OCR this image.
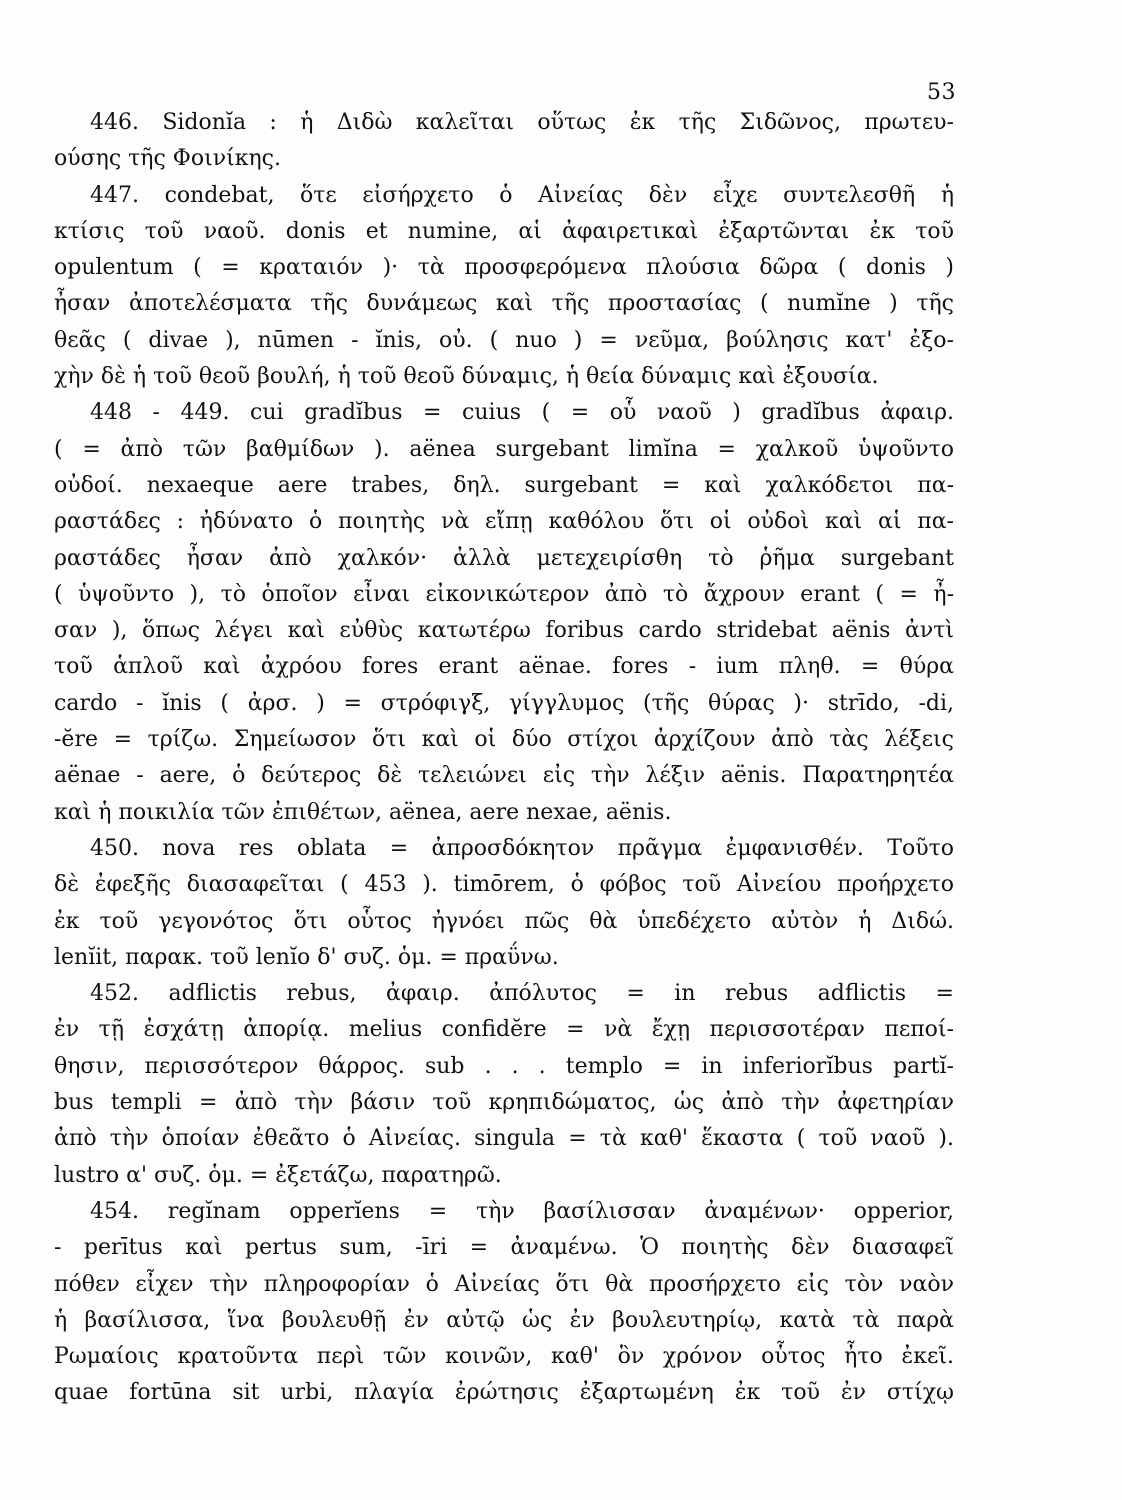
53
446. Sidonĭa : ἡ Διδὼ καλεῖται οὕτως ἐκ τῆς Σιδῶνος, πρωτευ-
ούσης τῆς Φοινίκης.
447. condebat, ὅτε εἰσήρχετο ὁ Αἰνείας δὲν εἶχε συντελεσθῆ ἡ
κτίσις τοῦ ναοῦ. donis et numine, αἱ ἀφαιρετικαὶ ἐξαρτῶνται ἐκ τοῦ
opulentum ( = κραταιόν )· τὰ προσφερόμενα πλούσια δῶρα ( donis )
ἦσαν ἀποτελέσματα τῆς δυνάμεως καὶ τῆς προστασίας ( numĭne ) τῆς
θεᾶς ( divae ), nūmen - ĭnis, οὐ. ( nuo ) = νεῦμα, βούλησις κατ' ἐξο-
χὴν δὲ ἡ τοῦ θεοῦ βουλή, ἡ τοῦ θεοῦ δύναμις, ἡ θεία δύναμις καὶ ἐξουσία.
448 - 449. cui gradĭbus = cuius ( = οὗ ναοῦ ) gradĭbus ἀφαιρ.
( = ἀπὸ τῶν βαθμίδων ). aënea surgebant limĭna = χαλκοῦ ὑψοῦντο
οὐδοί. nexaeque aere trabes, δηλ. surgebant = καὶ χαλκόδετοι πα-
ραστάδες : ἠδύνατο ὁ ποιητὴς νὰ εἴπῃ καθόλου ὅτι οἱ οὐδοὶ καὶ αἱ πα-
ραστάδες ἦσαν ἀπὸ χαλκόν· ἀλλὰ μετεχειρίσθη τὸ ῥῆμα surgebant
( ὑψοῦντο ), τὸ ὁποῖον εἶναι εἰκονικώτερον ἀπὸ τὸ ἄχρουν erant ( = ἦ-
σαν ), ὅπως λέγει καὶ εὐθὺς κατωτέρω foribus cardo stridebat aënis ἀντὶ
τοῦ ἁπλοῦ καὶ ἀχρόου fores erant aënae. fores - ium πληθ. = θύρα
cardo - ĭnis ( ἀρσ. ) = στρόφιγξ, γίγγλυμος (τῆς θύρας )· strīdo, -di,
-ĕre = τρίζω. Σημείωσον ὅτι καὶ οἱ δύο στίχοι ἀρχίζουν ἀπὸ τὰς λέξεις
aënae - aere, ὁ δεύτερος δὲ τελειώνει εἰς τὴν λέξιν aënis. Παρατηρητέα
καὶ ἡ ποικιλία τῶν ἐπιθέτων, aënea, aere nexae, aënis.
450. nova res oblata = ἀπροσδόκητον πρᾶγμα ἐμφανισθέν. Τοῦτο
δὲ ἐφεξῆς διασαφεῖται ( 453 ). timōrem, ὁ φόβος τοῦ Αἰνείου προήρχετο
ἐκ τοῦ γεγονότος ὅτι οὗτος ἠγνόει πῶς θὰ ὑπεδέχετο αὐτὸν ἡ Διδώ.
lenĭit, παρακ. τοῦ lenĭo δ' συζ. ὁμ. = πραΰνω.
452. adflictis rebus, ἀφαιρ. ἀπόλυτος = in rebus adflictis =
ἐν τῇ ἐσχάτῃ ἀπορίᾳ. melius confidĕre = νὰ ἔχῃ περισσοτέραν πεποί-
θησιν, περισσότερον θάρρος. sub . . . templo = in inferiorĭbus partĭ-
bus templi = ἀπὸ τὴν βάσιν τοῦ κρηπιδώματος, ὡς ἀπὸ τὴν ἀφετηρίαν
ἀπὸ τὴν ὁποίαν ἐθεᾶτο ὁ Αἰνείας. singula = τὰ καθ' ἕκαστα ( τοῦ ναοῦ ).
lustro α' συζ. ὁμ. = ἐξετάζω, παρατηρῶ.
454. regĭnam opperĭens = τὴν βασίλισσαν ἀναμένων· opperior,
- perītus καὶ pertus sum, -īri = ἀναμένω. Ὁ ποιητὴς δὲν διασαφεῖ
πόθεν εἶχεν τὴν πληροφορίαν ὁ Αἰνείας ὅτι θὰ προσήρχετο εἰς τὸν ναὸν
ἡ βασίλισσα, ἵνα βουλευθῇ ἐν αὐτῷ ὡς ἐν βουλευτηρίῳ, κατὰ τὰ παρὰ
Ρωμαίοις κρατοῦντα περὶ τῶν κοινῶν, καθ' ὃν χρόνον οὗτος ἦτο ἐκεῖ.
quae fortūna sit urbi, πλαγία ἐρώτησις ἐξαρτωμένη ἐκ τοῦ ἐν στίχῳ
